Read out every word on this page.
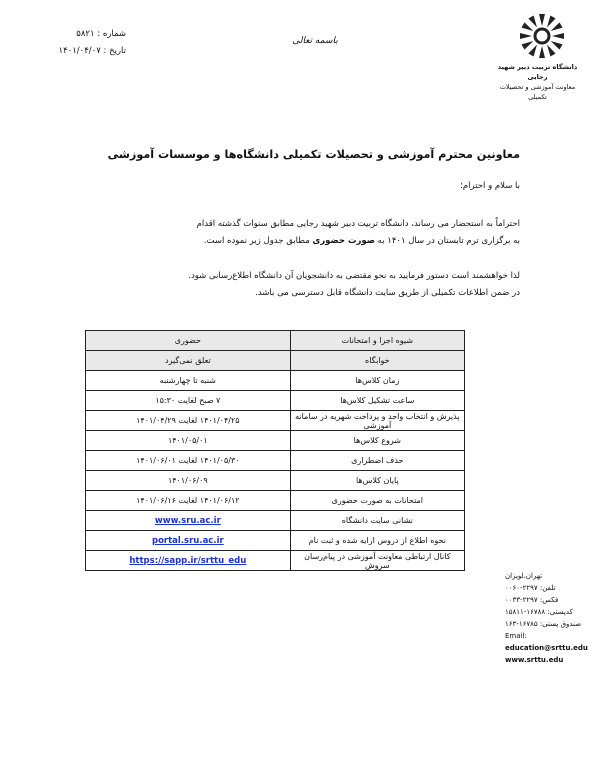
شماره : ۵۸۲۱
تاریخ : ۱۴۰۱/۰۴/۰۷
باسمه تعالی
دانشگاه تربیت دبیر شهید رجایی
معاونت آموزشی و تحصیلات تکمیلی
معاونین محترم آموزشی و تحصیلات تکمیلی دانشگاه‌ها و موسسات آموزشی
با سلام و احترام؛
احتراماً به استحضار می رساند، دانشگاه تربیت دبیر شهید رجایی مطابق سنوات گذشته اقدام
به برگزاری ترم تابستان در سال ۱۴۰۱ به صورت حضوری مطابق جدول زیر نموده است.
لذا خواهشمند است دستور فرمایید به نحو مقتضی به دانشجویان آن دانشگاه اطلاع‌رسانی شود.
در ضمن اطلاعات تکمیلی از طریق سایت دانشگاه قابل دسترسی می باشد.
شیوه اجرا و امتحانات	حضوری
خوابگاه	تعلق نمی‌گیرد
زمان کلاس‌ها	شنبه تا چهارشنبه
ساعت تشکیل کلاس‌ها	۷ صبح لغایت ۱۵:۳۰
پذیرش و انتخاب واحد و پرداخت شهریه در سامانه آموزشی	۱۴۰۱/۰۴/۲۵ لغایت ۱۴۰۱/۰۴/۲۹
شروع کلاس‌ها	۱۴۰۱/۰۵/۰۱
حذف اضطراری	۱۴۰۱/۰۵/۳۰ لغایت ۱۴۰۱/۰۶/۰۱
پایان کلاس‌ها	۱۴۰۱/۰۶/۰۹
امتحانات به صورت حضوری	۱۴۰۱/۰۶/۱۲ لغایت ۱۴۰۱/۰۶/۱۶
نشانی سایت دانشگاه	www.sru.ac.ir
نحوه اطلاع از دروس ارایه شده و ثبت نام	portal.sru.ac.ir
کانال ارتباطی معاونت آموزشی در پیام‌رسان سروش	https://sapp.ir/srttu_edu
تهران،لویزان
تلفن: ۲۲۹۷-۰۰۶۰
فکس: ۲۲۹۷-۰۰۳۳
کدپستی: ۱۶۷۸۸-۱۵۸۱۱
صندوق پستی: ۱۶۷۸۵-۱۶۳
Email:
education@srttu.edu
www.srttu.edu
